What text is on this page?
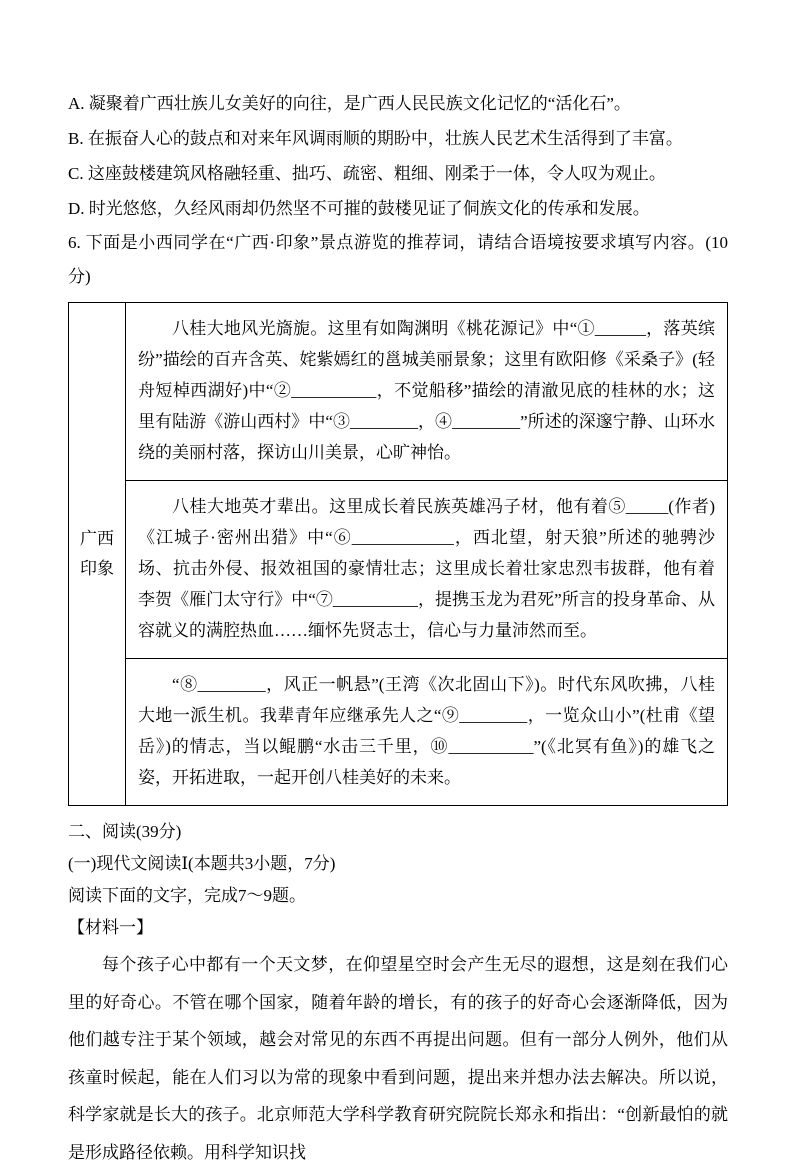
A. 凝聚着广西壮族儿女美好的向往，是广西人民民族文化记忆的“活化石”。

B. 在振奋人心的鼓点和对来年风调雨顺的期盼中，壮族人民艺术生活得到了丰富。

C. 这座鼓楼建筑风格融轻重、拙巧、疏密、粗细、刚柔于一体，令人叹为观止。

D. 时光悠悠，久经风雨却仍然坚不可摧的鼓楼见证了侗族文化的传承和发展。

6. 下面是小西同学在“广西·印象”景点游览的推荐词，请结合语境按要求填写内容。(10分)

广西印象	
八桂大地风光旖旎。这里有如陶渊明《桃花源记》中“①______，落英缤纷”描绘的百卉含英、姹紫嫣红的邕城美丽景象；这里有欧阳修《采桑子》(轻舟短棹西湖好)中“②__________，不觉船移”描绘的清澈见底的桂林的水；这里有陆游《游山西村》中“③________，④________”所述的深邃宁静、山环水绕的美丽村落，探访山川美景，心旷神怡。

八桂大地英才辈出。这里成长着民族英雄冯子材，他有着⑤_____(作者)《江城子·密州出猎》中“⑥____________，西北望，射天狼”所述的驰骋沙场、抗击外侵、报效祖国的豪情壮志；这里成长着壮家忠烈韦拔群，他有着李贺《雁门太守行》中“⑦__________，提携玉龙为君死”所言的投身革命、从容就义的满腔热血……缅怀先贤志士，信心与力量沛然而至。

“⑧________，风正一帆悬”(王湾《次北固山下》)。时代东风吹拂，八桂大地一派生机。我辈青年应继承先人之“⑨________，一览众山小”(杜甫《望岳》)的情志，当以鲲鹏“水击三千里，⑩__________”(《北冥有鱼》)的雄飞之姿，开拓进取，一起开创八桂美好的未来。

二、阅读(39分)

(一)现代文阅读Ⅰ(本题共3小题，7分)

阅读下面的文字，完成7～9题。

【材料一】

每个孩子心中都有一个天文梦，在仰望星空时会产生无尽的遐想，这是刻在我们心里的好奇心。不管在哪个国家，随着年龄的增长，有的孩子的好奇心会逐渐降低，因为他们越专注于某个领域，越会对常见的东西不再提出问题。但有一部分人例外，他们从孩童时候起，能在人们习以为常的现象中看到问题，提出来并想办法去解决。所以说，科学家就是长大的孩子。北京师范大学科学教育研究院院长郑永和指出：“创新最怕的就是形成路径依赖。用科学知识找
